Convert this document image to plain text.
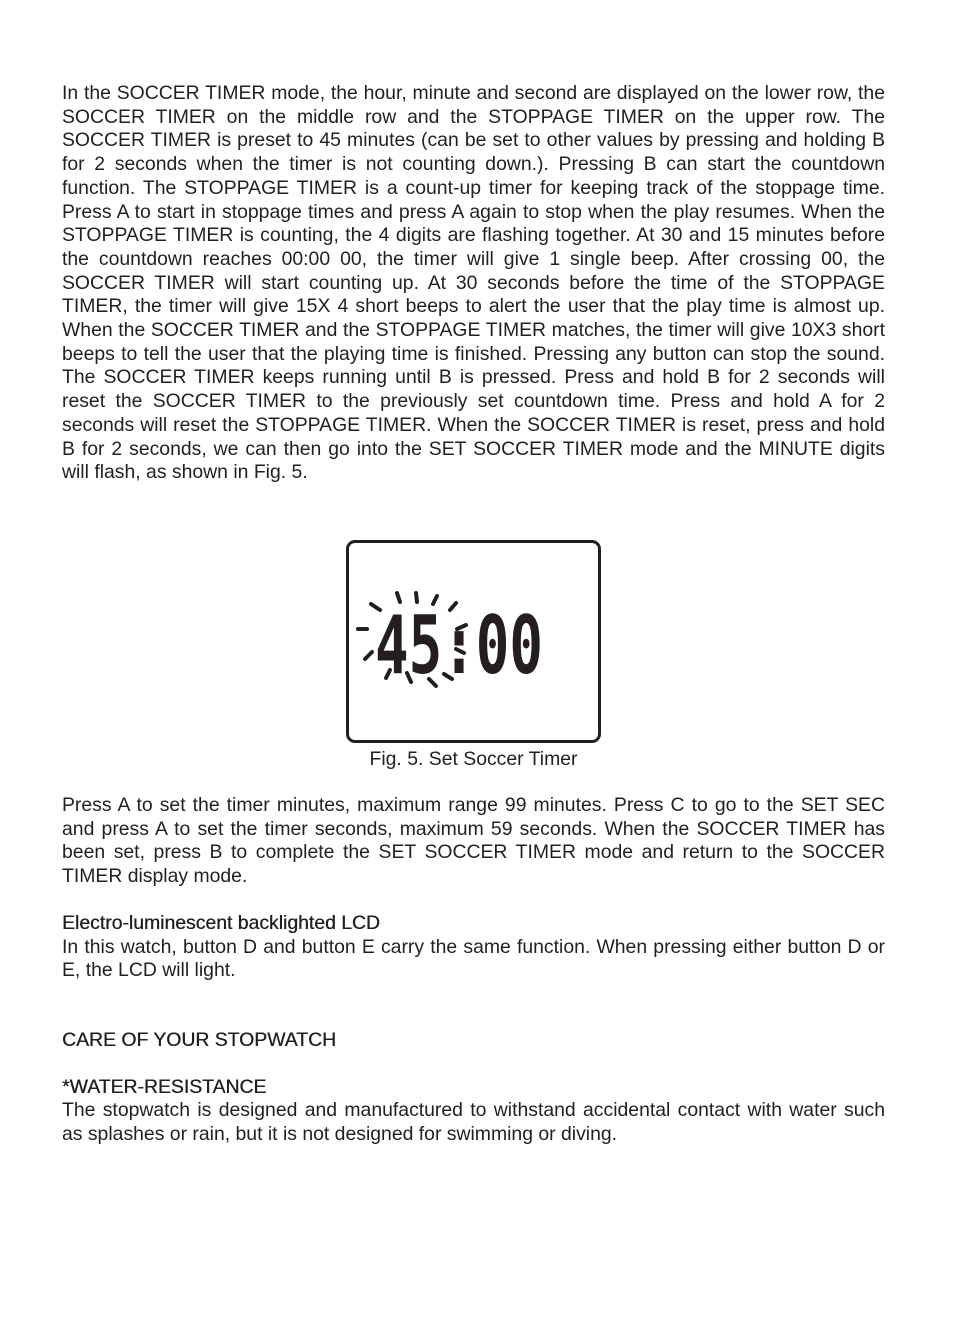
In the SOCCER TIMER mode, the hour, minute and second are displayed on the lower row, the SOCCER TIMER on the middle row and the STOPPAGE TIMER on the upper row. The SOCCER TIMER is preset to 45 minutes (can be set to other values by pressing and holding B for 2 seconds when the timer is not counting down.). Pressing B can start the countdown function. The STOPPAGE TIMER is a count-up timer for keeping track of the stoppage time. Press A to start in stoppage times and press A again to stop when the play resumes. When the STOPPAGE TIMER is counting, the 4 digits are flashing together. At 30 and 15 minutes before the countdown reaches 00:00 00, the timer will give 1 single beep. After crossing 00, the SOCCER TIMER will start counting up. At 30 seconds before the time of the STOPPAGE TIMER, the timer will give 15X 4 short beeps to alert the user that the play time is almost up. When the SOCCER TIMER and the STOPPAGE TIMER matches, the timer will give 10X3 short beeps to tell the user that the playing time is finished. Pressing any button can stop the sound. The SOCCER TIMER keeps running until B is pressed. Press and hold B for 2 seconds will reset the SOCCER TIMER to the previously set countdown time. Press and hold A for 2 seconds will reset the STOPPAGE TIMER. When the SOCCER TIMER is reset, press and hold B for 2 seconds, we can then go into the SET SOCCER TIMER mode and the MINUTE digits will flash, as shown in Fig. 5.

45:00
Fig. 5. Set Soccer Timer

Press A to set the timer minutes, maximum range 99 minutes. Press C to go to the SET SEC and press A to set the timer seconds, maximum 59 seconds. When the SOCCER TIMER has been set, press B to complete the SET SOCCER TIMER mode and return to the SOCCER TIMER display mode.

Electro-luminescent backlighted LCD

In this watch, button D and button E carry the same function. When pressing either button D or E, the LCD will light.

CARE OF YOUR STOPWATCH

*WATER-RESISTANCE

The stopwatch is designed and manufactured to withstand accidental contact with water such as splashes or rain, but it is not designed for swimming or diving.
